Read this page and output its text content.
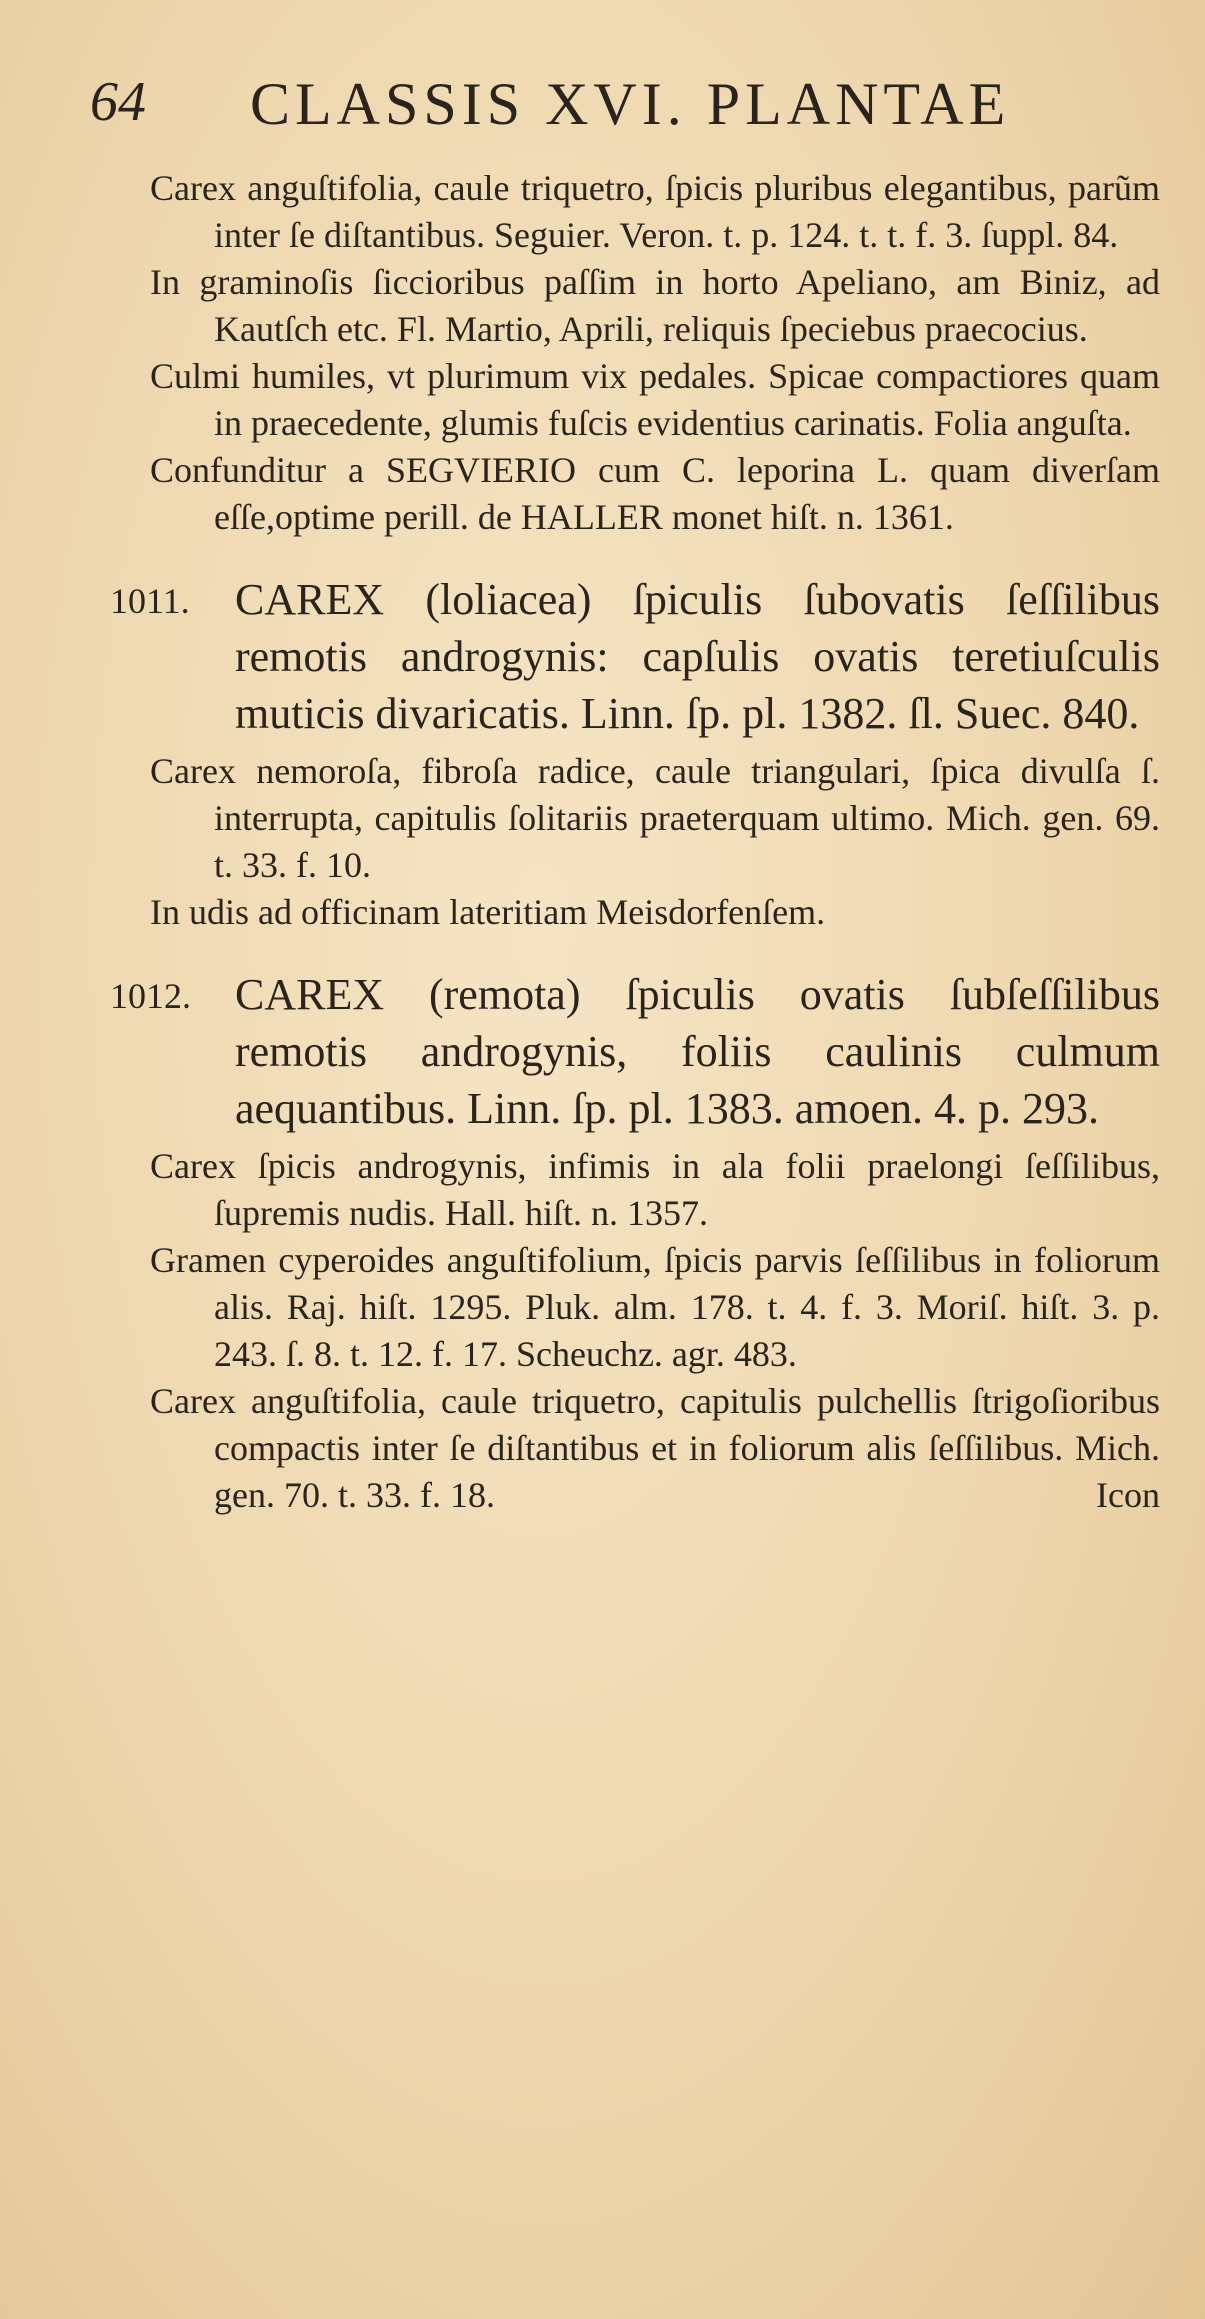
64 CLASSIS XVI. PLANTAE

Carex anguſtifolia, caule triquetro, ſpicis pluribus elegantibus, parũm inter ſe diſtantibus. Seguier. Veron. t. p. 124. t. t. f. 3. ſuppl. 84.

In graminoſis ſiccioribus paſſim in horto Apeliano, am Biniz, ad Kautſch etc. Fl. Martio, Aprili, reliquis ſpeciebus praecocius.

Culmi humiles, vt plurimum vix pedales. Spicae compactiores quam in praecedente, glumis fuſcis evidentius carinatis. Folia anguſta.

Confunditur a SEGVIERIO cum C. leporina L. quam diverſam eſſe,optime perill. de HALLER monet hiſt. n. 1361.

1011. CAREX (loliacea) ſpiculis ſubovatis ſeſſilibus remotis androgynis: capſulis ovatis teretiuſculis muticis divaricatis. Linn. ſp. pl. 1382. ſl. Suec. 840.

Carex nemoroſa, fibroſa radice, caule triangulari, ſpica divulſa ſ. interrupta, capitulis ſolitariis praeterquam ultimo. Mich. gen. 69. t. 33. f. 10.

In udis ad officinam lateritiam Meisdorfenſem.

1012. CAREX (remota) ſpiculis ovatis ſubſeſſilibus remotis androgynis, foliis caulinis culmum aequantibus. Linn. ſp. pl. 1383. amoen. 4. p. 293.

Carex ſpicis androgynis, infimis in ala folii praelongi ſeſſilibus, ſupremis nudis. Hall. hiſt. n. 1357.

Gramen cyperoides anguſtifolium, ſpicis parvis ſeſſilibus in foliorum alis. Raj. hiſt. 1295. Pluk. alm. 178. t. 4. f. 3. Moriſ. hiſt. 3. p. 243. ſ. 8. t. 12. f. 17. Scheuchz. agr. 483.

Carex anguſtifolia, caule triquetro, capitulis pulchellis ſtrigoſioribus compactis inter ſe diſtantibus et in foliorum alis ſeſſilibus. Mich. gen. 70. t. 33. f. 18.	Icon
